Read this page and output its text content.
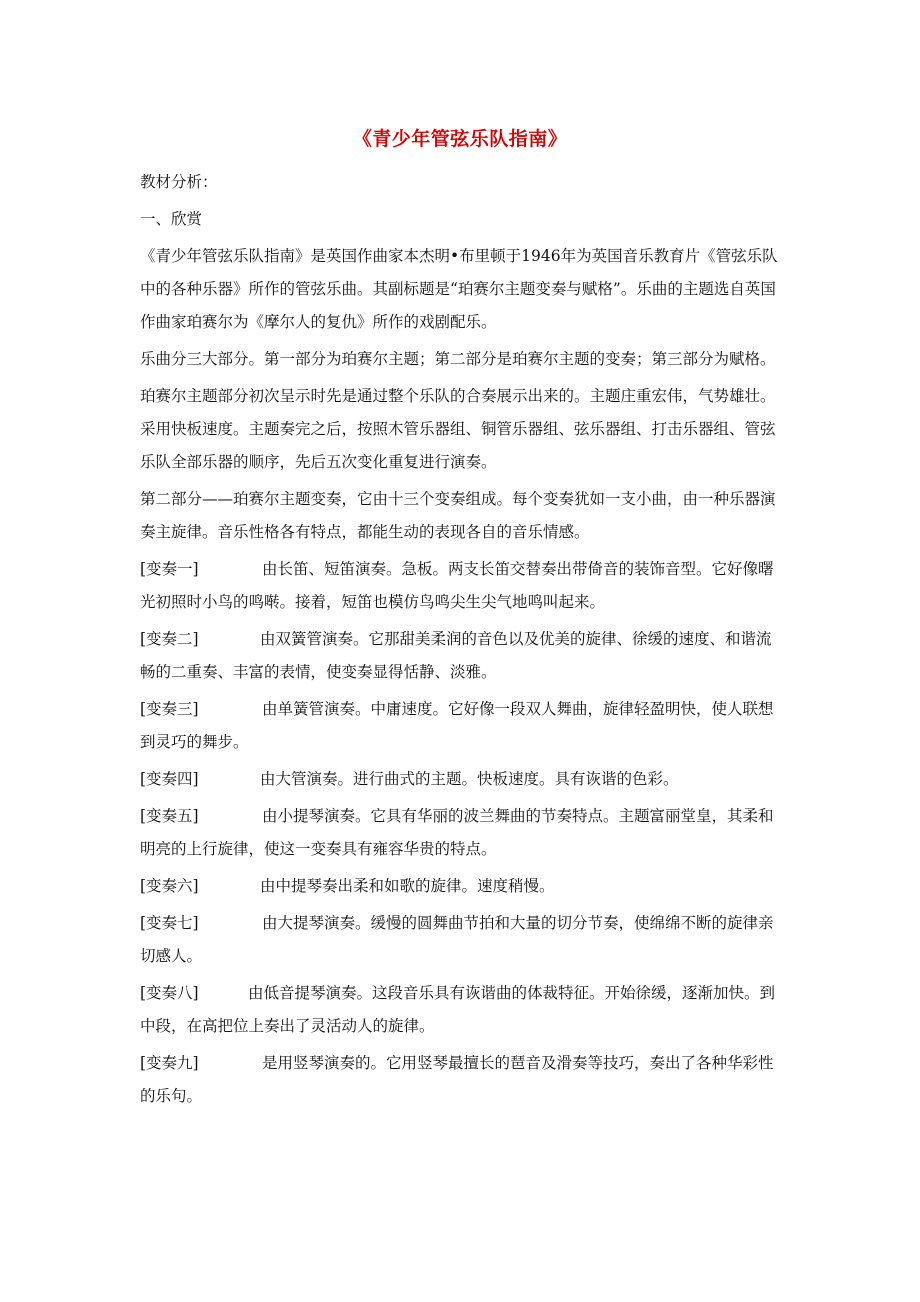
《青少年管弦乐队指南》

教材分析：

一、欣赏

《青少年管弦乐队指南》是英国作曲家本杰明•布里顿于1946年为英国音乐教育片《管弦乐队中的各种乐器》所作的管弦乐曲。其副标题是“珀赛尔主题变奏与赋格”。乐曲的主题选自英国作曲家珀赛尔为《摩尔人的复仇》所作的戏剧配乐。

乐曲分三大部分。第一部分为珀赛尔主题；第二部分是珀赛尔主题的变奏；第三部分为赋格。

珀赛尔主题部分初次呈示时先是通过整个乐队的合奏展示出来的。主题庄重宏伟，气势雄壮。采用快板速度。主题奏完之后，按照木管乐器组、铜管乐器组、弦乐器组、打击乐器组、管弦乐队全部乐器的顺序，先后五次变化重复进行演奏。

第二部分——珀赛尔主题变奏，它由十三个变奏组成。每个变奏犹如一支小曲，由一种乐器演奏主旋律。音乐性格各有特点，都能生动的表现各自的音乐情感。

[变奏一]	由长笛、短笛演奏。急板。两支长笛交替奏出带倚音的装饰音型。它好像曙光初照时小鸟的鸣啭。接着，短笛也模仿鸟鸣尖生尖气地鸣叫起来。

[变奏二]	由双簧管演奏。它那甜美柔润的音色以及优美的旋律、徐缓的速度、和谐流畅的二重奏、丰富的表情，使变奏显得恬静、淡雅。

[变奏三]	由单簧管演奏。中庸速度。它好像一段双人舞曲，旋律轻盈明快，使人联想到灵巧的舞步。

[变奏四]	由大管演奏。进行曲式的主题。快板速度。具有诙谐的色彩。

[变奏五]	由小提琴演奏。它具有华丽的波兰舞曲的节奏特点。主题富丽堂皇，其柔和明亮的上行旋律，使这一变奏具有雍容华贵的特点。

[变奏六]	由中提琴奏出柔和如歌的旋律。速度稍慢。

[变奏七]	由大提琴演奏。缓慢的圆舞曲节拍和大量的切分节奏，使绵绵不断的旋律亲切感人。

[变奏八]	由低音提琴演奏。这段音乐具有诙谐曲的体裁特征。开始徐缓，逐渐加快。到中段，在高把位上奏出了灵活动人的旋律。

[变奏九]	是用竖琴演奏的。它用竖琴最擅长的琶音及滑奏等技巧，奏出了各种华彩性的乐句。
